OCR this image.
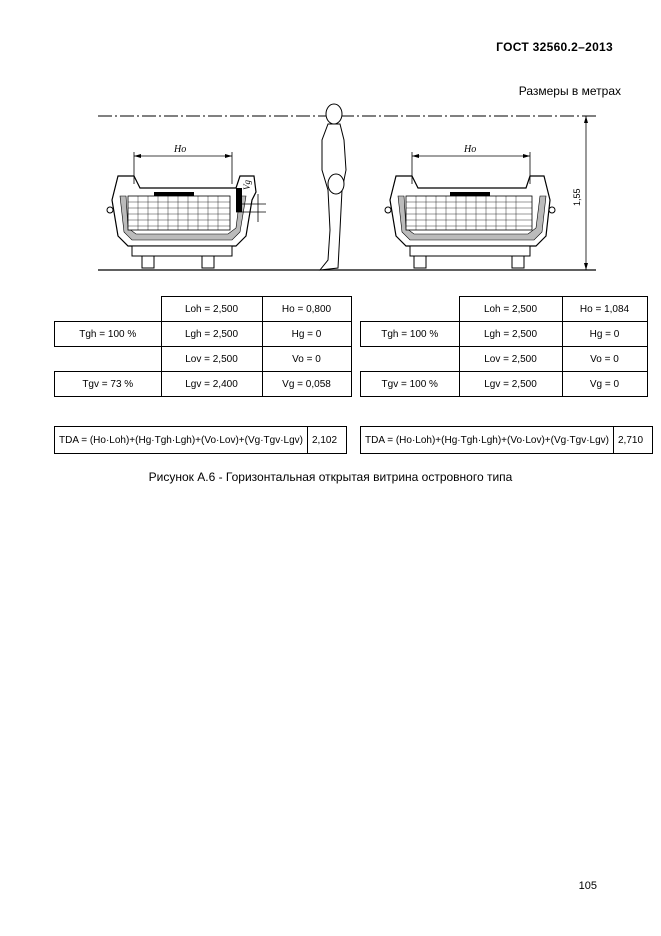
ГОСТ 32560.2–2013
Размеры в метрах
Ho
Vg
Ho
1,55
	Loh = 2,500	Ho = 0,800
Tgh = 100 %	Lgh = 2,500	Hg = 0
	Lov = 2,500	Vo = 0
Tgv = 73 %	Lgv = 2,400	Vg = 0,058
	Loh = 2,500	Ho = 1,084
Tgh = 100 %	Lgh = 2,500	Hg = 0
	Lov = 2,500	Vo = 0
Tgv = 100 %	Lgv = 2,500	Vg = 0
TDA = (Ho·Loh)+(Hg·Tgh·Lgh)+(Vo·Lov)+(Vg·Tgv·Lgv)	2,102	TDA = (Ho·Loh)+(Hg·Tgh·Lgh)+(Vo·Lov)+(Vg·Tgv·Lgv)	2,710
Рисунок А.6 - Горизонтальная открытая витрина островного типа
105
